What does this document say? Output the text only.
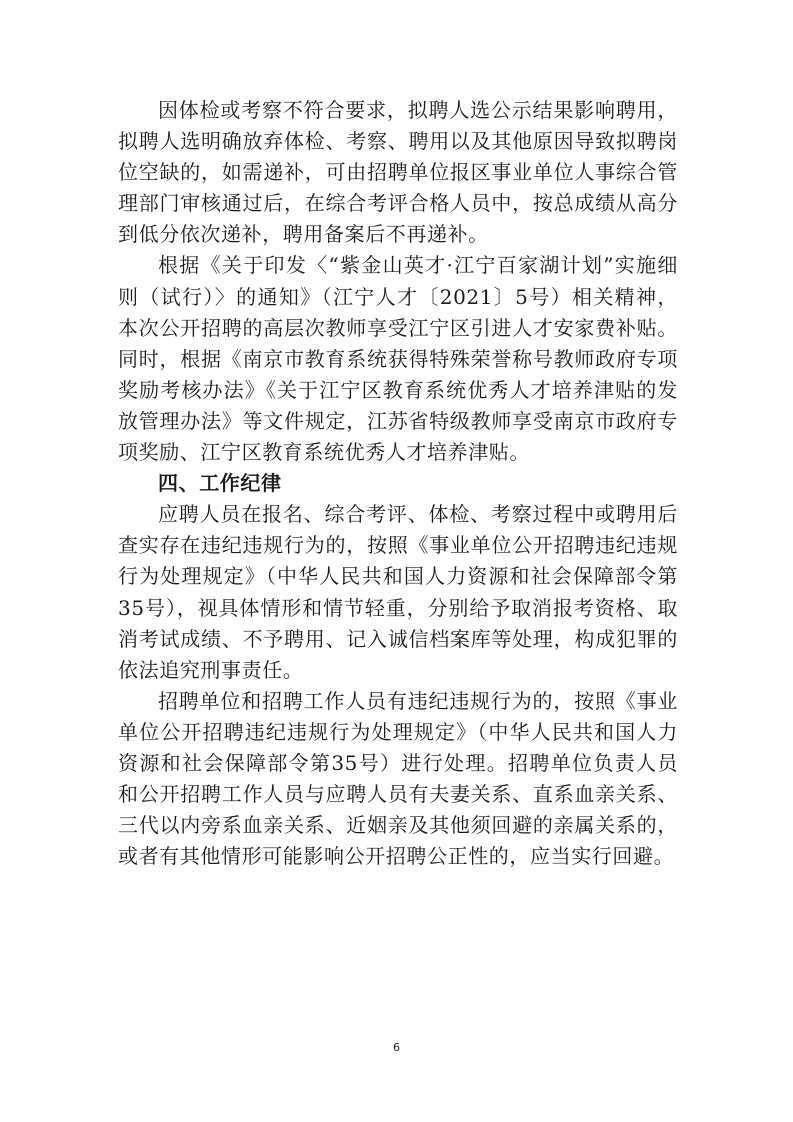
因体检或考察不符合要求，拟聘人选公示结果影响聘用，拟聘人选明确放弃体检、考察、聘用以及其他原因导致拟聘岗位空缺的，如需递补，可由招聘单位报区事业单位人事综合管理部门审核通过后，在综合考评合格人员中，按总成绩从高分到低分依次递补，聘用备案后不再递补。

根据《关于印发〈“紫金山英才·江宁百家湖计划”实施细则（试行）〉的通知》（江宁人才〔2021〕5号）相关精神，本次公开招聘的高层次教师享受江宁区引进人才安家费补贴。同时，根据《南京市教育系统获得特殊荣誉称号教师政府专项奖励考核办法》《关于江宁区教育系统优秀人才培养津贴的发放管理办法》等文件规定，江苏省特级教师享受南京市政府专项奖励、江宁区教育系统优秀人才培养津贴。

四、工作纪律

应聘人员在报名、综合考评、体检、考察过程中或聘用后查实存在违纪违规行为的，按照《事业单位公开招聘违纪违规行为处理规定》（中华人民共和国人力资源和社会保障部令第35号），视具体情形和情节轻重，分别给予取消报考资格、取消考试成绩、不予聘用、记入诚信档案库等处理，构成犯罪的依法追究刑事责任。

招聘单位和招聘工作人员有违纪违规行为的，按照《事业单位公开招聘违纪违规行为处理规定》（中华人民共和国人力资源和社会保障部令第35号）进行处理。招聘单位负责人员和公开招聘工作人员与应聘人员有夫妻关系、直系血亲关系、三代以内旁系血亲关系、近姻亲及其他须回避的亲属关系的，或者有其他情形可能影响公开招聘公正性的，应当实行回避。

6
